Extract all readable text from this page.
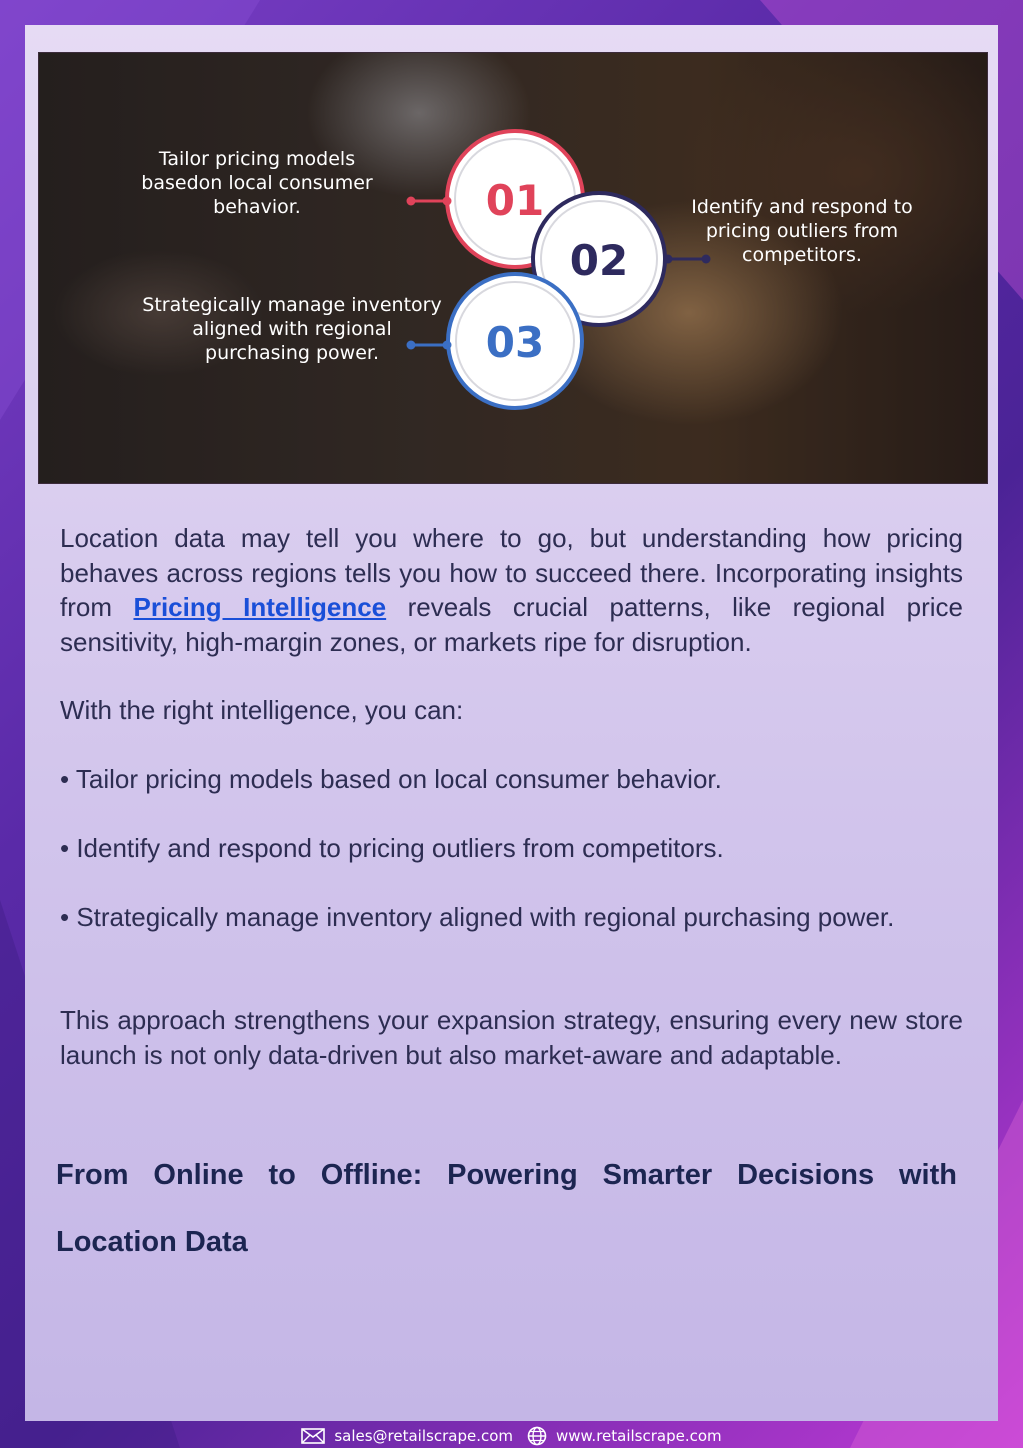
01
02
03
Tailor pricing models
basedon local consumer
behavior.	Identify and respond to
pricing outliers from
competitors.
Strategically manage inventory
aligned with regional
purchasing power.

Location data may tell you where to go, but understanding how pricing behaves across regions tells you how to succeed there. Incorporating insights from Pricing Intelligence reveals crucial patterns, like regional price sensitivity, high-margin zones, or markets ripe for disruption.

With the right intelligence, you can:

• Tailor pricing models based on local consumer behavior.

• Identify and respond to pricing outliers from competitors.

• Strategically manage inventory aligned with regional purchasing power.

This approach strengthens your expansion strategy, ensuring every new store launch is not only data-driven but also market-aware and adaptable.

From Online to Offline: Powering Smarter Decisions with Location Data
sales@retailscrape.com	www.retailscrape.com
